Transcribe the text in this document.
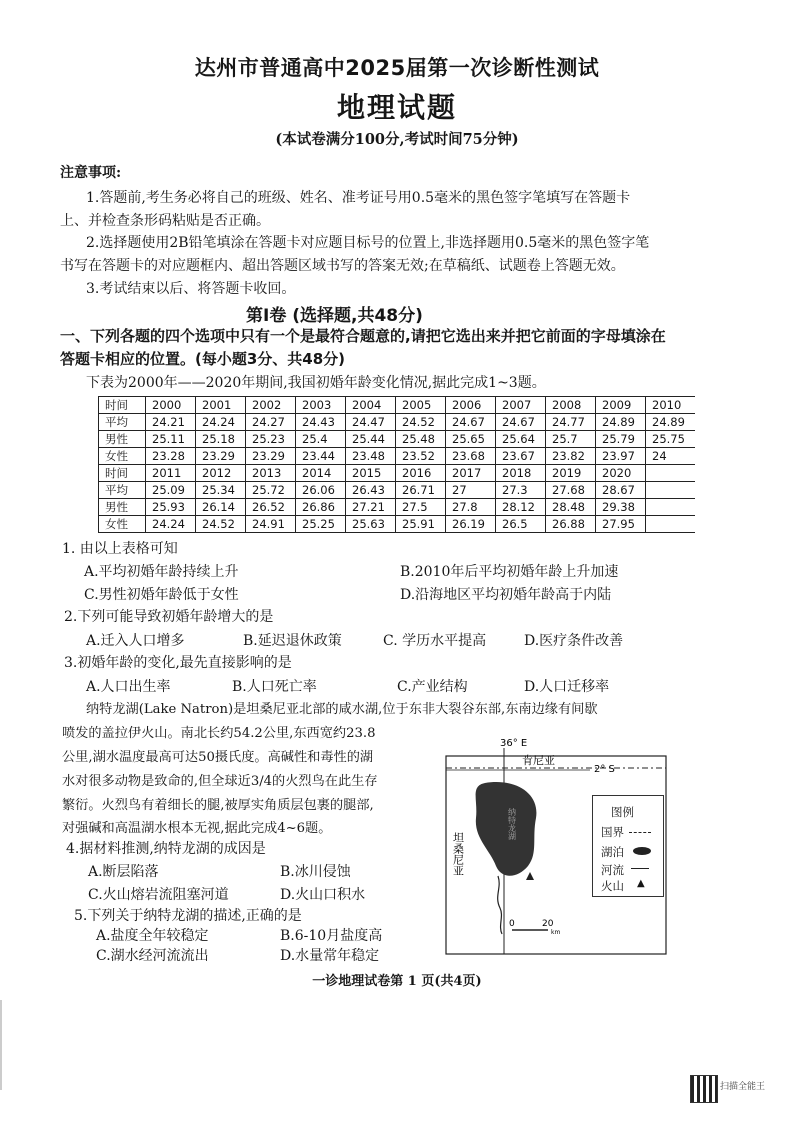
达州市普通高中2025届第一次诊断性测试
地理试题
(本试卷满分100分,考试时间75分钟)
注意事项:
1.答题前,考生务必将自己的班级、姓名、准考证号用0.5毫米的黑色签字笔填写在答题卡
上、并检查条形码粘贴是否正确。
2.选择题使用2B铅笔填涂在答题卡对应题目标号的位置上,非选择题用0.5毫米的黑色签字笔
书写在答题卡的对应题框内、超出答题区域书写的答案无效;在草稿纸、试题卷上答题无效。
3.考试结束以后、将答题卡收回。
第Ⅰ卷 (选择题,共48分)
一、下列各题的四个选项中只有一个是最符合题意的,请把它选出来并把它前面的字母填涂在
答题卡相应的位置。(每小题3分、共48分)
下表为2000年——2020年期间,我国初婚年龄变化情况,据此完成1~3题。
时间	2000	2001	2002	2003	2004	2005	2006	2007	2008	2009	2010
平均	24.21	24.24	24.27	24.43	24.47	24.52	24.67	24.67	24.77	24.89	24.89
男性	25.11	25.18	25.23	25.4	25.44	25.48	25.65	25.64	25.7	25.79	25.75
女性	23.28	23.29	23.29	23.44	23.48	23.52	23.68	23.67	23.82	23.97	24
时间	2011	2012	2013	2014	2015	2016	2017	2018	2019	2020	
平均	25.09	25.34	25.72	26.06	26.43	26.71	27	27.3	27.68	28.67	
男性	25.93	26.14	26.52	26.86	27.21	27.5	27.8	28.12	28.48	29.38	
女性	24.24	24.52	24.91	25.25	25.63	25.91	26.19	26.5	26.88	27.95	
1. 由以上表格可知
A.平均初婚年龄持续上升	B.2010年后平均初婚年龄上升加速
C.男性初婚年龄低于女性	D.沿海地区平均初婚年龄高于内陆
2.下列可能导致初婚年龄增大的是
A.迁入人口增多	B.延迟退休政策	C. 学历水平提高	D.医疗条件改善
3.初婚年龄的变化,最先直接影响的是
A.人口出生率	B.人口死亡率	C.产业结构	D.人口迁移率
纳特龙湖(Lake Natron)是坦桑尼亚北部的咸水湖,位于东非大裂谷东部,东南边缘有间歇
喷发的盖拉伊火山。南北长约54.2公里,东西宽约23.8
公里,湖水温度最高可达50摄氏度。高碱性和毒性的湖
水对很多动物是致命的,但全球近3/4的火烈鸟在此生存
繁衍。火烈鸟有着细长的腿,被厚实角质层包裹的腿部,
对强碱和高温湖水根本无视,据此完成4~6题。
4.据材料推测,纳特龙湖的成因是
A.断层陷落	B.冰川侵蚀
C.火山熔岩流阻塞河道	D.火山口积水
5.下列关于纳特龙湖的描述,正确的是
A.盐度全年较稳定	B.6-10月盐度高
C.湖水经河流流出	D.水量常年稳定
36° E
2° S
肯尼亚
坦桑尼亚
纳特龙湖
0	20
km
图例
国界
湖泊
河流
火山 ▲
一诊地理试卷第 1 页(共4页)
扫描全能王
